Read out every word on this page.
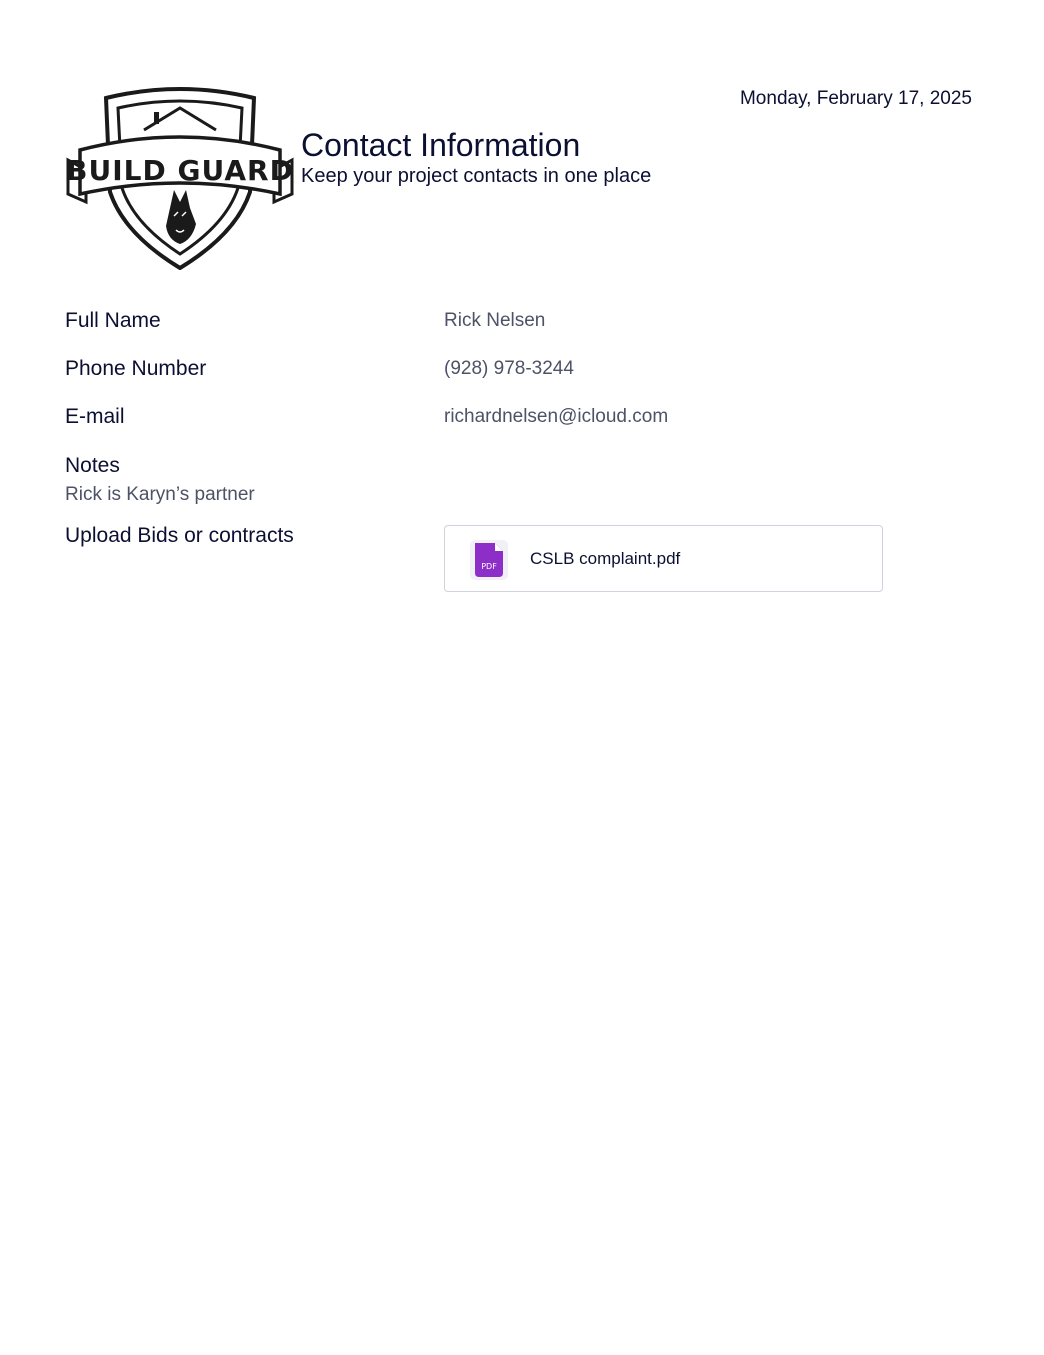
Monday, February 17, 2025
BUILD GUARD
Contact Information

Keep your project contacts in one place

Full Name	Rick Nelsen
Phone Number	(928) 978-3244
E-mail	richardnelsen@icloud.com
Notes
Rick is Karyn’s partner
Upload Bids or contracts
PDF CSLB complaint.pdf
